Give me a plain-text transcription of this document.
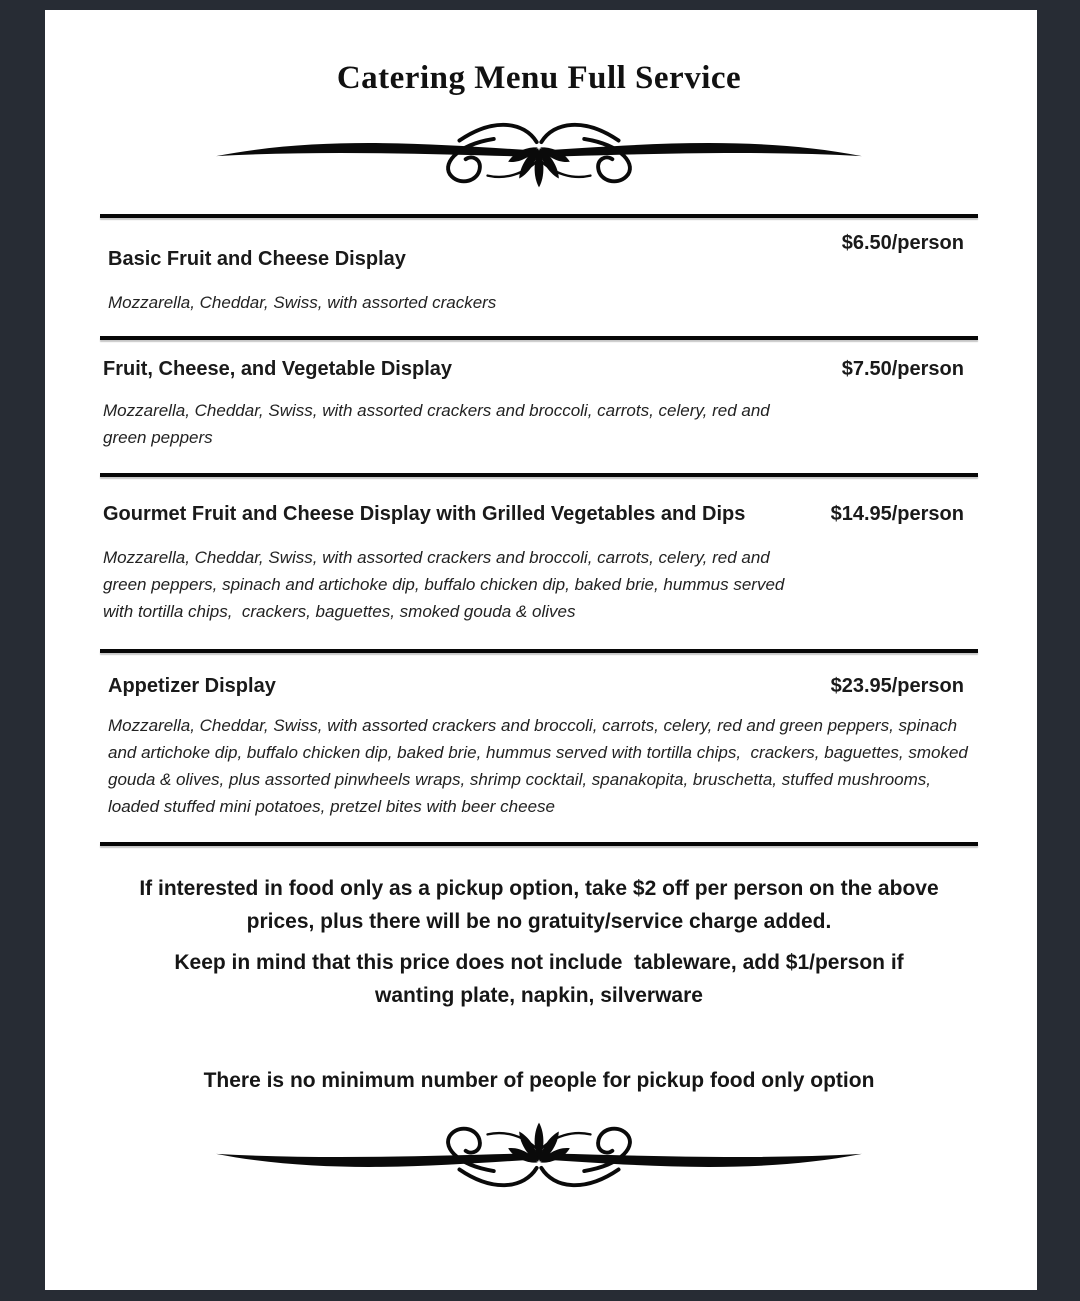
Catering Menu Full Service
Basic Fruit and Cheese Display
$6.50/person
Mozzarella, Cheddar, Swiss, with assorted crackers
Fruit, Cheese, and Vegetable Display	$7.50/person
Mozzarella, Cheddar, Swiss, with assorted crackers and broccoli, carrots, celery, red and green peppers
Gourmet Fruit and Cheese Display with Grilled Vegetables and Dips	$14.95/person
Mozzarella, Cheddar, Swiss, with assorted crackers and broccoli, carrots, celery, red and green peppers, spinach and artichoke dip, buffalo chicken dip, baked brie, hummus served with tortilla chips,  crackers, baguettes, smoked gouda & olives
Appetizer Display	$23.95/person
Mozzarella, Cheddar, Swiss, with assorted crackers and broccoli, carrots, celery, red and green peppers, spinach and artichoke dip, buffalo chicken dip, baked brie, hummus served with tortilla chips,  crackers, baguettes, smoked gouda & olives, plus assorted pinwheels wraps, shrimp cocktail, spanakopita, bruschetta, stuffed mushrooms, loaded stuffed mini potatoes, pretzel bites with beer cheese

If interested in food only as a pickup option, take $2 off per person on the above prices, plus there will be no gratuity/service charge added.

Keep in mind that this price does not include  tableware, add $1/person if wanting plate, napkin, silverware

There is no minimum number of people for pickup food only option
